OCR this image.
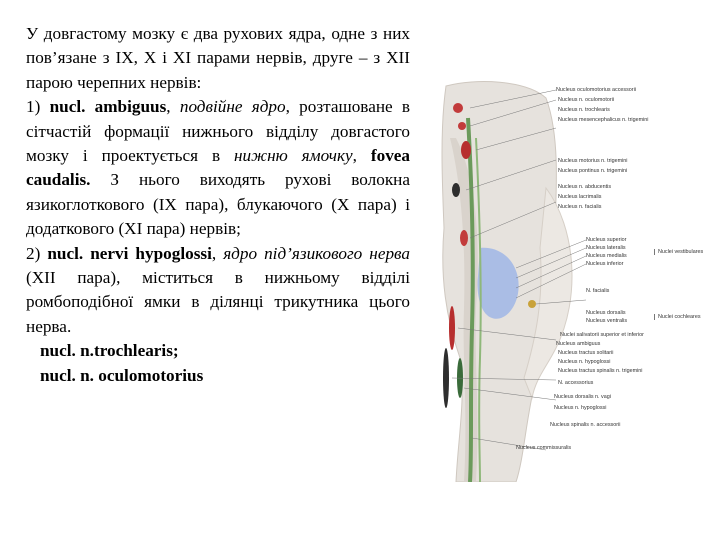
У довгастому мозку є два рухових ядра, одне з них пов’язане з IX, X і XI парами нервів, друге – з XII парою черепних нервів:

1) nucl. ambiguus, подвійне ядро, розташоване в сітчастій формації нижнього відділу довгастого мозку і проектується в нижню ямочку, fovea caudalis. З нього виходять рухові волокна язикоглоткового (IX пара), блукаючого (X пара) і додаткового (XI пара) нервів;

2) nucl. nervi hypoglossi, ядро під’язикового нерва (XII пара), міститься в нижньому відділі ромбоподібної ямки в ділянці трикутника цього нерва.

nucl. n.trochlearis;

nucl. n. oculomotorius

Nucleus oculomotorius accessorii
Nucleus n. oculomotorii
Nucleus n. trochlearis
Nucleus mesencephalicus n. trigemini
Nucleus motorius n. trigemini
Nucleus pontinus n. trigemini
Nucleus n. abducentis
Nucleus lacrimalis
Nucleus n. facialis
Nucleus superior
Nucleus lateralis
Nucleus medialis
Nucleus inferior
Nuclei vestibulares
N. facialis
Nucleus dorsalis
Nucleus ventralis
Nuclei cochleares
Nuclei salivatorii superior et inferior
Nucleus ambiguus
Nucleus tractus solitarii
Nucleus n. hypoglossi
Nucleus tractus spinalis n. trigemini
N. accessorius
Nucleus dorsalis n. vagi
Nucleus n. hypoglossi
Nucleus spinalis n. accessorii
Nucleus commissuralis
